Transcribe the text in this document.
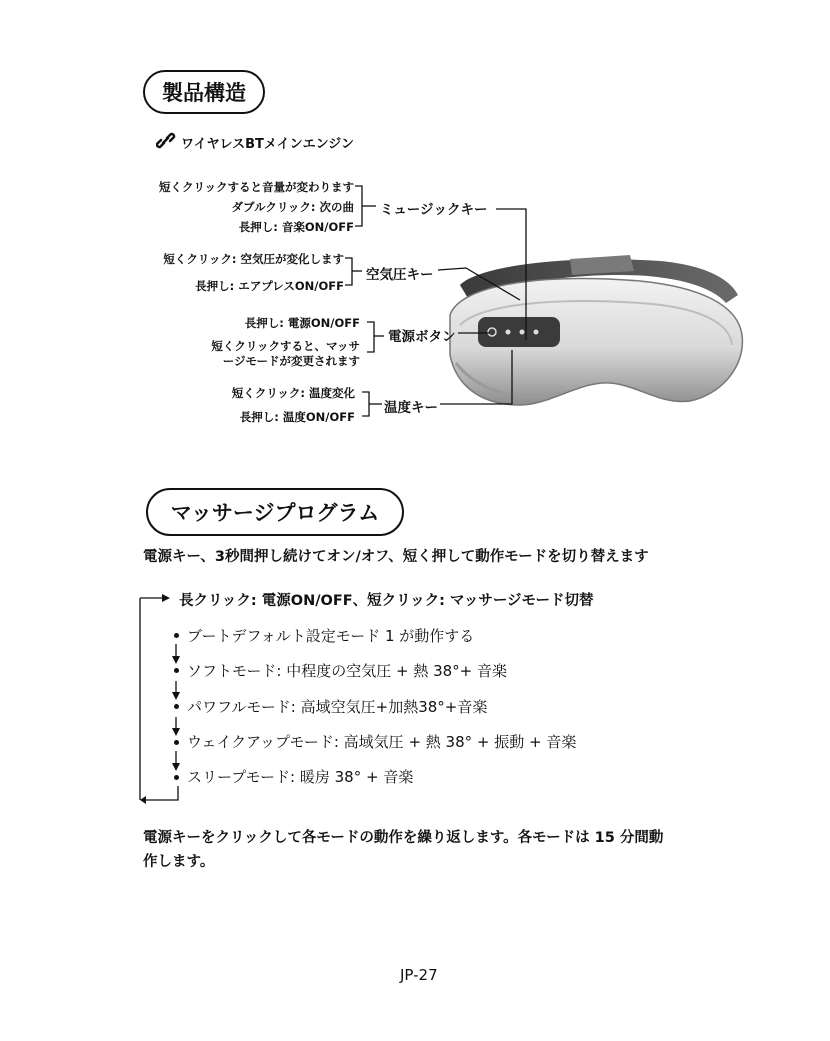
製品構造
ワイヤレスBTメインエンジン
短くクリックすると音量が変わります
ダブルクリック: 次の曲
長押し: 音楽ON/OFF
ミュージックキー
短くクリック: 空気圧が変化します
長押し: エアプレスON/OFF
空気圧キー
長押し: 電源ON/OFF
短くクリックすると、マッサ
ージモードが変更されます
電源ボタン
短くクリック: 温度変化
長押し: 温度ON/OFF
温度キー
マッサージプログラム
電源キー、3秒間押し続けてオン/オフ、短く押して動作モードを切り替えます
長クリック: 電源ON/OFF、短クリック: マッサージモード切替
ブートデフォルト設定モード 1 が動作する
ソフトモード: 中程度の空気圧 + 熱 38°+ 音楽
パワフルモード: 高域空気圧+加熱38°+音楽
ウェイクアップモード: 高域気圧 + 熱 38° + 振動 + 音楽
スリープモード: 暖房 38° + 音楽
電源キーをクリックして各モードの動作を繰り返します。各モードは 15 分間動
作します。
JP-27
